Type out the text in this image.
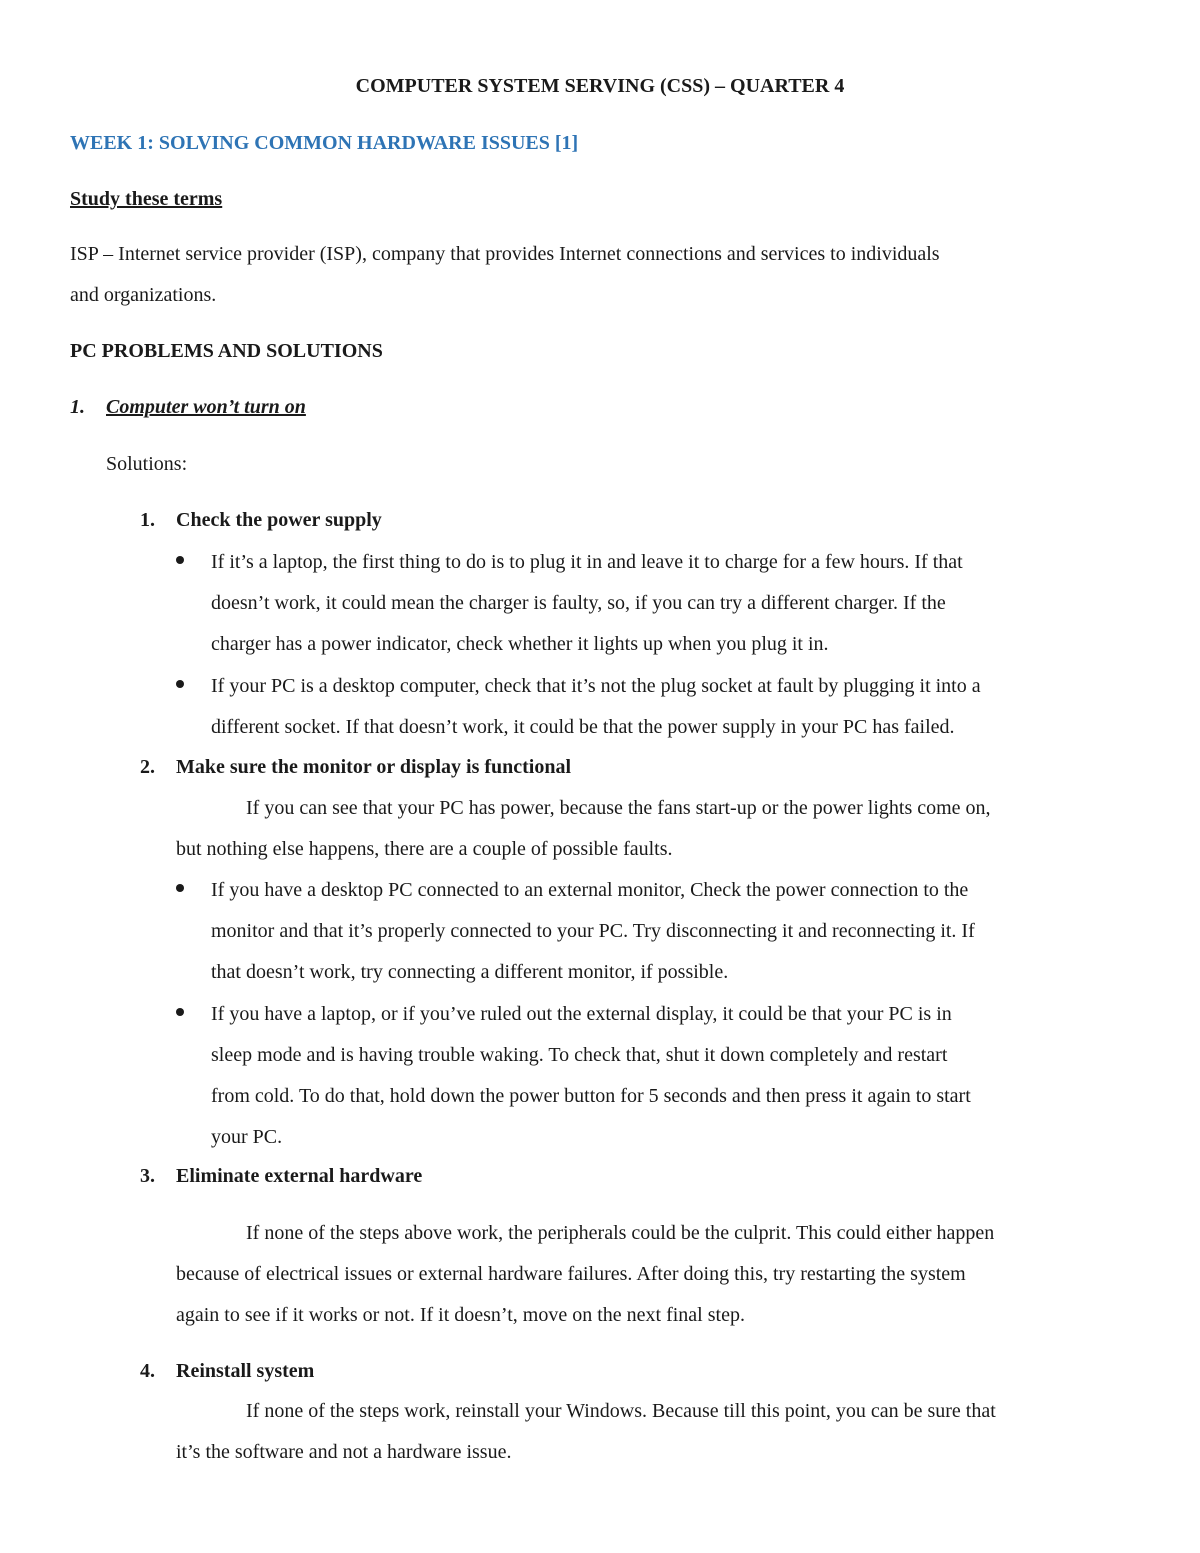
COMPUTER SYSTEM SERVING (CSS) – QUARTER 4
WEEK 1: SOLVING COMMON HARDWARE ISSUES [1]
Study these terms
ISP – Internet service provider (ISP), company that provides Internet connections and services to individuals
and organizations.
PC PROBLEMS AND SOLUTIONS
1. Computer won’t turn on
Solutions:
1. Check the power supply
If it’s a laptop, the first thing to do is to plug it in and leave it to charge for a few hours. If that
doesn’t work, it could mean the charger is faulty, so, if you can try a different charger. If the
charger has a power indicator, check whether it lights up when you plug it in.
If your PC is a desktop computer, check that it’s not the plug socket at fault by plugging it into a
different socket. If that doesn’t work, it could be that the power supply in your PC has failed.
2. Make sure the monitor or display is functional
If you can see that your PC has power, because the fans start-up or the power lights come on,
but nothing else happens, there are a couple of possible faults.
If you have a desktop PC connected to an external monitor, Check the power connection to the
monitor and that it’s properly connected to your PC. Try disconnecting it and reconnecting it. If
that doesn’t work, try connecting a different monitor, if possible.
If you have a laptop, or if you’ve ruled out the external display, it could be that your PC is in
sleep mode and is having trouble waking. To check that, shut it down completely and restart
from cold. To do that, hold down the power button for 5 seconds and then press it again to start
your PC.
3. Eliminate external hardware
If none of the steps above work, the peripherals could be the culprit. This could either happen
because of electrical issues or external hardware failures. After doing this, try restarting the system
again to see if it works or not. If it doesn’t, move on the next final step.
4. Reinstall system
If none of the steps work, reinstall your Windows. Because till this point, you can be sure that
it’s the software and not a hardware issue.
